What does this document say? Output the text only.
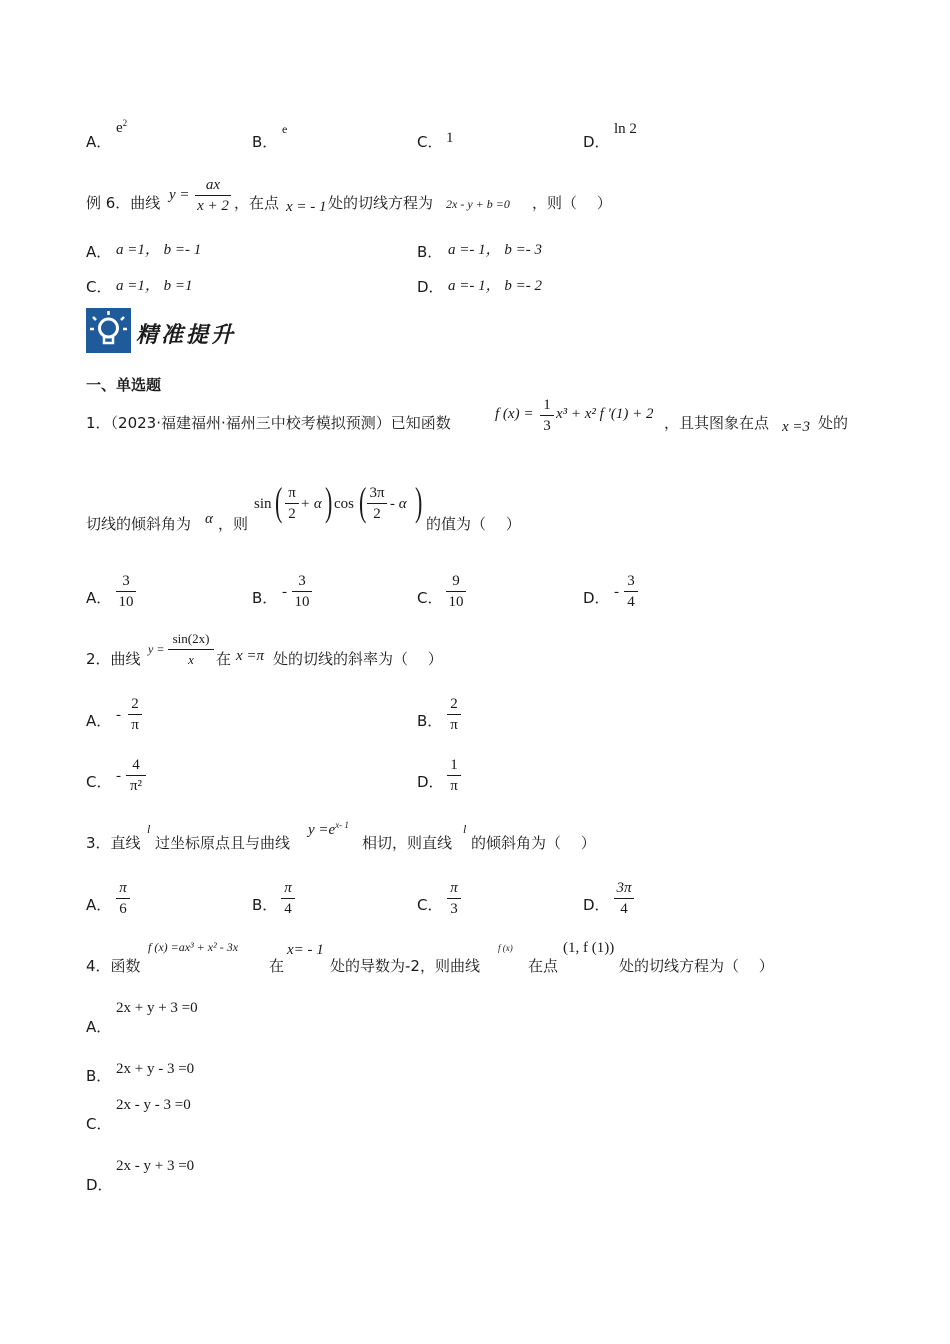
A．
$e^2$
B．
e
C． 1	D．
ln 2
例 6．曲线 y =
ax
x + 2 ，在点 x = - 1 处的切线方程为 2x - y + b =0 ，则（　 ）
A． a =1， b =- 1	B． a =- 1， b =- 3
C． a =1， b =1	D． a =- 1， b =- 2
精准提升
一、单选题
1．（2023·福建福州·福州三中校考模拟预测）已知函数	f (x) =
1
3
x³ + x² f ′(1) + 2 ，且其图象在点 x =3 处的
切线的倾斜角为 α ，则
sin ( π
2
+ α ) cos ( 3π
2
- α ) 的值为（　 ）
A．
3
10	B． -
3
10	C．
9
10	D． -
3
4
2．曲线
y =
sin(2x)
x	在 x =π 处的切线的斜率为（　 ）
A． -
2
π	B．
2
π
C． -
4
π²	D．
1
π
3．直线
l
过坐标原点且与曲线
$y =e^{x- 1}$
相切，则直线
l
的倾斜角为（　 ）
A．
π
6	B．
π
4	C．
π
3	D．
3π
4
4．函数
f (x) =ax³ + x² - 3x
在
x= - 1
处的导数为-2，则曲线
f (x)
在点
(1, f (1))
处的切线方程为（　 ）
2x + y + 3 =0
A．
B． 2x + y - 3 =0
2x - y - 3 =0
C．
2x - y + 3 =0
D．
